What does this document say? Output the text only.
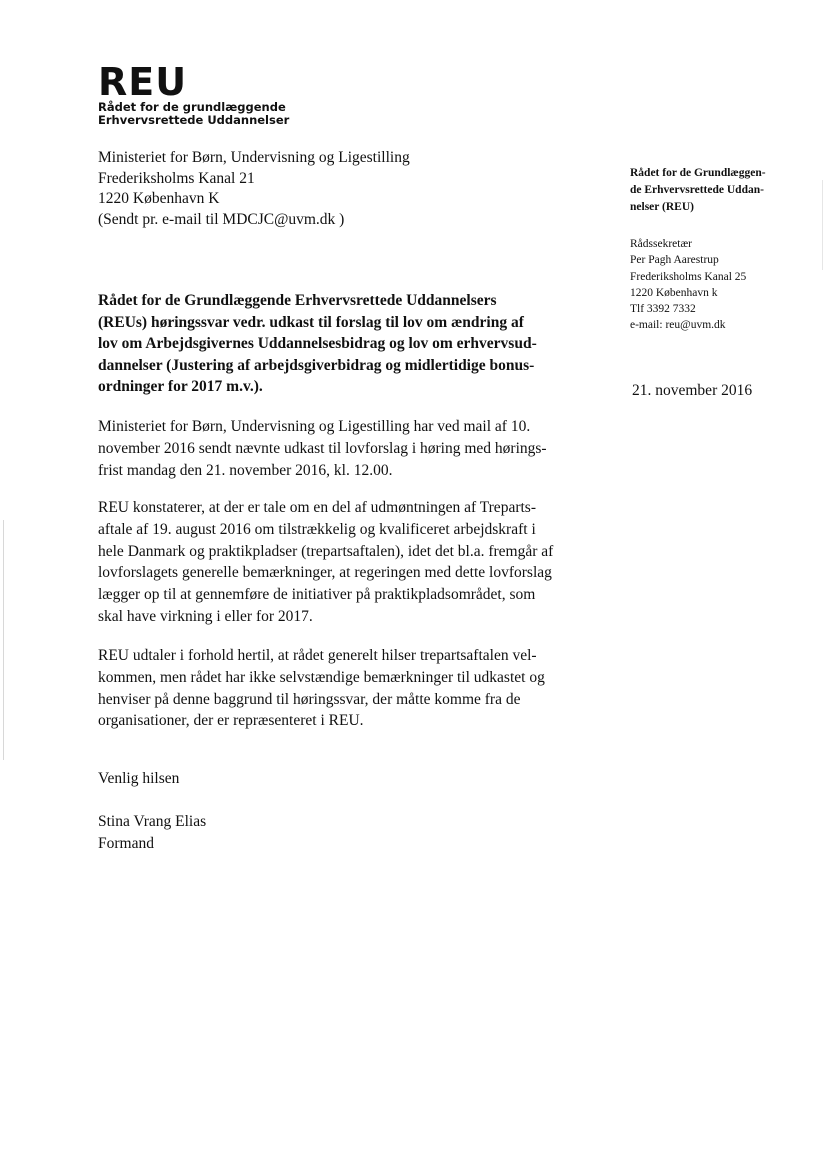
REU
Rådet for de grundlæggende
Erhvervsrettede Uddannelser
Ministeriet for Børn, Undervisning og Ligestilling
Frederiksholms Kanal 21
1220 København K
(Sendt pr. e-mail til MDCJC@uvm.dk )
Rådet for de Grundlæggen-
de Erhvervsrettede Uddan-
nelser (REU)
Rådssekretær
Per Pagh Aarestrup
Frederiksholms Kanal 25
1220 København k
Tlf 3392 7332
e-mail: reu@uvm.dk
21. november 2016
Rådet for de Grundlæggende Erhvervsrettede Uddannelsers
(REUs) høringssvar vedr. udkast til forslag til lov om ændring af
lov om Arbejdsgivernes Uddannelsesbidrag og lov om erhvervsud-
dannelser (Justering af arbejdsgiverbidrag og midlertidige bonus-
ordninger for 2017 m.v.).
Ministeriet for Børn, Undervisning og Ligestilling har ved mail af 10.
november 2016 sendt nævnte udkast til lovforslag i høring med hørings-
frist mandag den 21. november 2016, kl. 12.00.
REU konstaterer, at der er tale om en del af udmøntningen af Treparts-
aftale af 19. august 2016 om tilstrækkelig og kvalificeret arbejdskraft i
hele Danmark og praktikpladser (trepartsaftalen), idet det bl.a. fremgår af
lovforslagets generelle bemærkninger, at regeringen med dette lovforslag
lægger op til at gennemføre de initiativer på praktikpladsområdet, som
skal have virkning i eller for 2017.
REU udtaler i forhold hertil, at rådet generelt hilser trepartsaftalen vel-
kommen, men rådet har ikke selvstændige bemærkninger til udkastet og
henviser på denne baggrund til høringssvar, der måtte komme fra de
organisationer, der er repræsenteret i REU.
Venlig hilsen
Stina Vrang Elias
Formand
